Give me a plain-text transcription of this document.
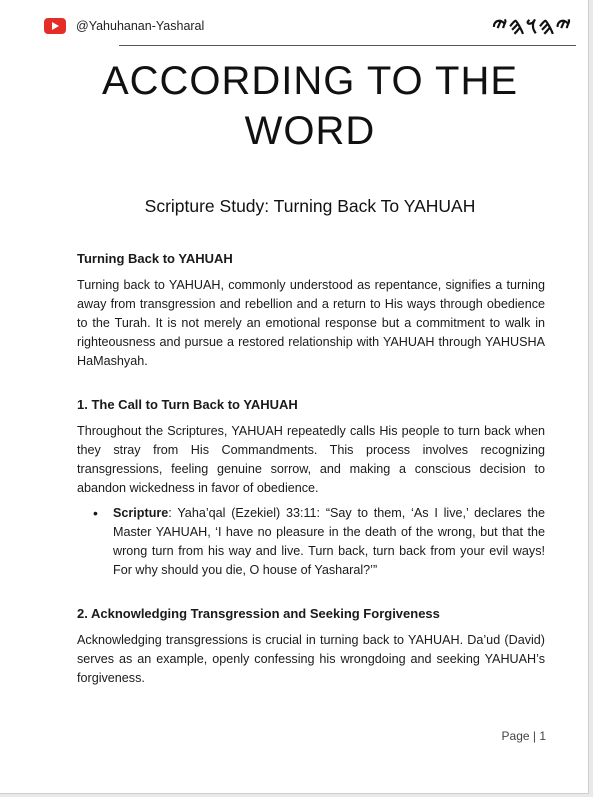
@Yahuhanan-Yasharal	𐤉𐤄𐤅𐤄𐤉
ACCORDING TO THE WORD

Scripture Study: Turning Back To YAHUAH

Turning Back to YAHUAH

Turning back to YAHUAH, commonly understood as repentance, signifies a turning away from transgression and rebellion and a return to His ways through obedience to the Turah. It is not merely an emotional response but a commitment to walk in righteousness and pursue a restored relationship with YAHUAH through YAHUSHA HaMashyah.

1. The Call to Turn Back to YAHUAH

Throughout the Scriptures, YAHUAH repeatedly calls His people to turn back when they stray from His Commandments. This process involves recognizing transgressions, feeling genuine sorrow, and making a conscious decision to abandon wickedness in favor of obedience.

• Scripture: Yaha’qal (Ezekiel) 33:11: “Say to them, ‘As I live,’ declares the Master YAHUAH, ‘I have no pleasure in the death of the wrong, but that the wrong turn from his way and live. Turn back, turn back from your evil ways! For why should you die, O house of Yasharal?’”
2. Acknowledging Transgression and Seeking Forgiveness

Acknowledging transgressions is crucial in turning back to YAHUAH. Da’ud (David) serves as an example, openly confessing his wrongdoing and seeking YAHUAH’s forgiveness.

Page | 1
